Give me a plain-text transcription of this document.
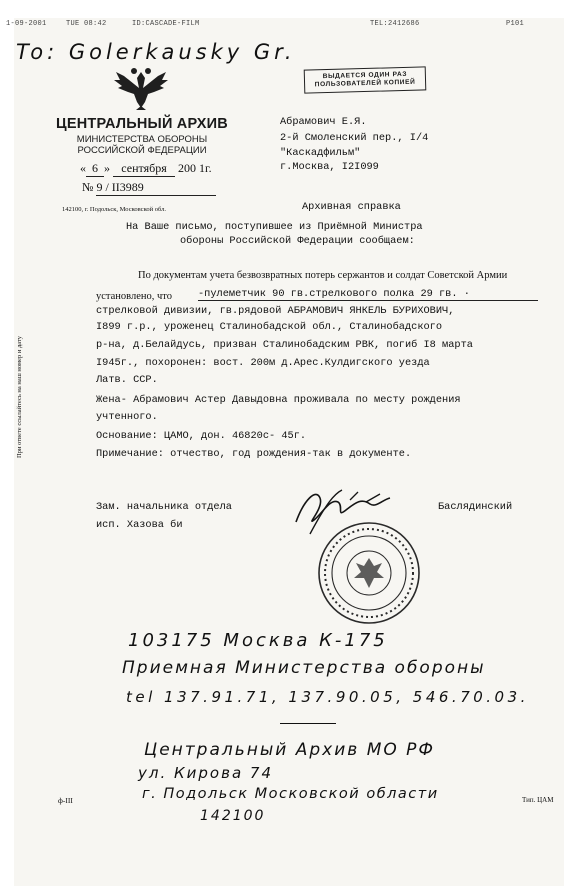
1-09-2001	TUE 08:42	ID:CASCADE-FILM	TEL:2412686	P101
To: Golerkausky Gr.
ВЫДАЕТСЯ ОДИН РАЗ
ПОЛЬЗОВАТЕЛЕЙ КОПИЕЙ
ЦЕНТРАЛЬНЫЙ АРХИВ
МИНИСТЕРСТВА ОБОРОНЫ
РОССИЙСКОЙ ФЕДЕРАЦИИ
« 6 » сентября 200 1г.
№ 9 / II3989
142100, г. Подольск, Московской обл.
Абрамович Е.Я.
2-й Смоленский пер., I/4
"Каскадфильм"
г.Москва, I2I099
Архивная справка
На Ваше письмо, поступившее из Приёмной Министра
обороны Российской Федерации сообщаем:
При ответе ссылайтесь на наш номер и дату
По документам учета безвозвратных потерь сержантов и солдат Советской Армии
установлено, что	-пулеметчик 90 гв.стрелкового полка 29 гв. ·
стрелковой дивизии, гв.рядовой АБРАМОВИЧ ЯНКЕЛЬ БУРИХОВИЧ,
I899 г.р., уроженец Сталинобадской обл., Сталинобадского
р-на, д.Белайдусь, призван Сталинобадским РВК, погиб I8 марта
I945г., похоронен: вост. 200м д.Арес.Кулдигского уезда
Латв. ССР.
Жена- Абрамович Астер Давыдовна проживала по месту рождения
учтенного.
Основание: ЦАМО, дон. 46820с- 45г.
Примечание: отчество, год рождения-так в документе.
Зам. начальника отдела
исп. Хазова би
Баслядинский
103175 Москва К-175
Приемная Министерства обороны
tel 137.91.71, 137.90.05, 546.70.03.
Центральный Архив МО РФ
ул. Кирова 74
г. Подольск Московской области
142100
ф-III	Тип. ЦАМ
